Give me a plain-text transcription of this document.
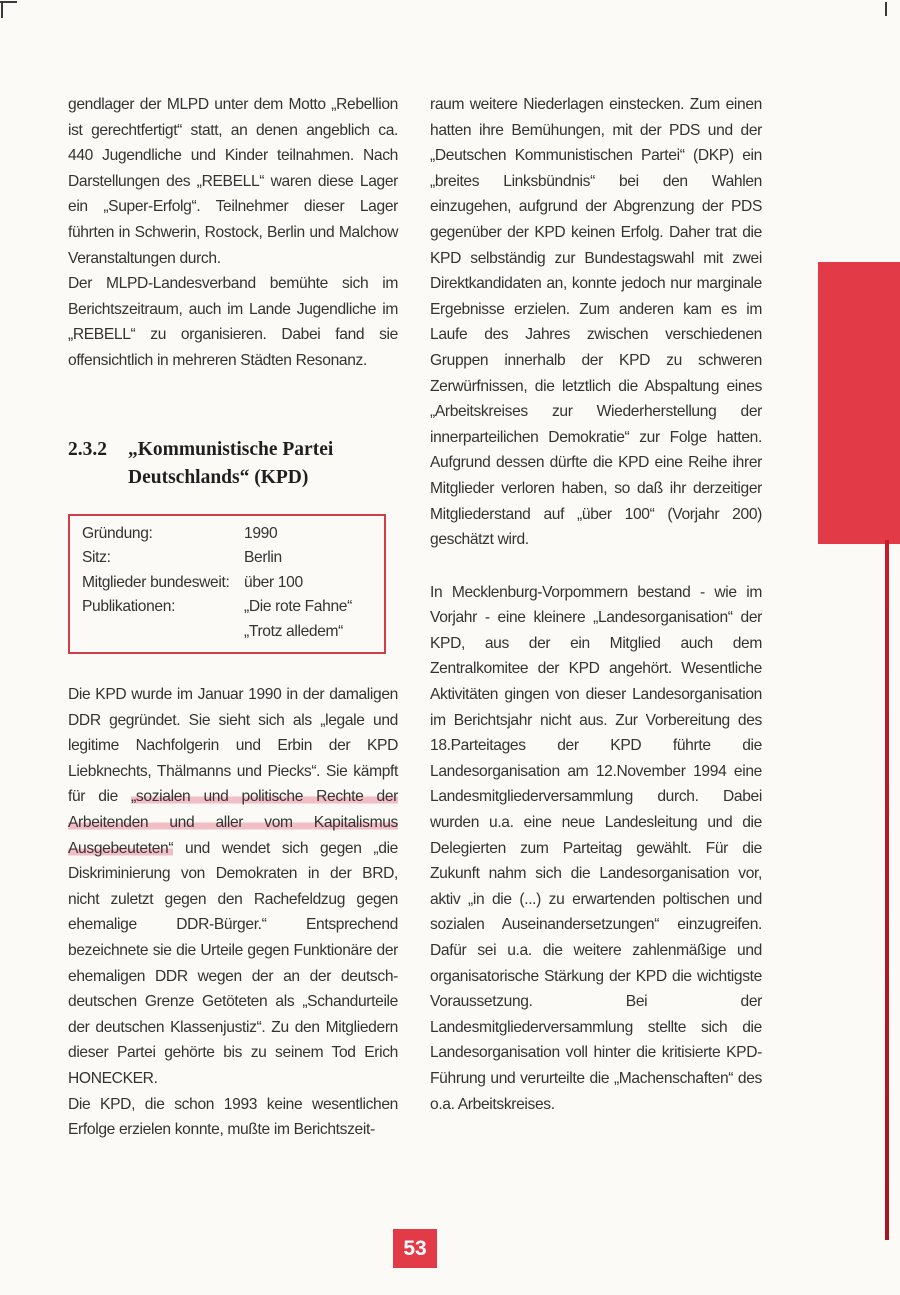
gendlager der MLPD unter dem Motto „Rebellion ist gerechtfertigt“ statt, an denen angeblich ca. 440 Jugendliche und Kinder teilnahmen. Nach Darstellungen des „REBELL“ waren diese Lager ein „Super-Erfolg“. Teilnehmer dieser Lager führten in Schwerin, Rostock, Berlin und Malchow Veranstaltungen durch.

Der MLPD-Landesverband bemühte sich im Berichtszeitraum, auch im Lande Jugendliche im „REBELL“ zu organisieren. Dabei fand sie offensichtlich in mehreren Städten Resonanz.

2.3.2 „Kommunistische Partei
Deutschlands“ (KPD)
Gründung:	1990
Sitz:	Berlin
Mitglieder bundesweit: über 100
Publikationen:	„Die rote Fahne“
„Trotz alledem“

Die KPD wurde im Januar 1990 in der damaligen DDR gegründet. Sie sieht sich als „legale und legitime Nachfolgerin und Erbin der KPD Liebknechts, Thälmanns und Piecks“. Sie kämpft für die „sozialen und politische Rechte der Arbeitenden und aller vom Kapitalismus Ausgebeuteten“ und wendet sich gegen „die Diskriminierung von Demokraten in der BRD, nicht zuletzt gegen den Rachefeldzug gegen ehemalige DDR-Bürger.“ Entsprechend bezeichnete sie die Urteile gegen Funktionäre der ehemaligen DDR wegen der an der deutsch-deutschen Grenze Getöteten als „Schandurteile der deutschen Klassenjustiz“. Zu den Mitgliedern dieser Partei gehörte bis zu seinem Tod Erich HONECKER.

Die KPD, die schon 1993 keine wesentlichen Erfolge erzielen konnte, mußte im Berichtszeit-

raum weitere Niederlagen einstecken. Zum einen hatten ihre Bemühungen, mit der PDS und der „Deutschen Kommunistischen Partei“ (DKP) ein „breites Linksbündnis“ bei den Wahlen einzugehen, aufgrund der Abgrenzung der PDS gegenüber der KPD keinen Erfolg. Daher trat die KPD selbständig zur Bundestagswahl mit zwei Direktkandidaten an, konnte jedoch nur marginale Ergebnisse erzielen. Zum anderen kam es im Laufe des Jahres zwischen verschiedenen Gruppen innerhalb der KPD zu schweren Zerwürfnissen, die letztlich die Abspaltung eines „Arbeitskreises zur Wiederherstellung der innerparteilichen Demokratie“ zur Folge hatten. Aufgrund dessen dürfte die KPD eine Reihe ihrer Mitglieder verloren haben, so daß ihr derzeitiger Mitgliederstand auf „über 100“ (Vorjahr 200) geschätzt wird.

In Mecklenburg-Vorpommern bestand - wie im Vorjahr - eine kleinere „Landesorganisation“ der KPD, aus der ein Mitglied auch dem Zentralkomitee der KPD angehört. Wesentliche Aktivitäten gingen von dieser Landesorganisation im Berichtsjahr nicht aus. Zur Vorbereitung des 18.Parteitages der KPD führte die Landesorganisation am 12.November 1994 eine Landesmitgliederversammlung durch. Dabei wurden u.a. eine neue Landesleitung und die Delegierten zum Parteitag gewählt. Für die Zukunft nahm sich die Landesorganisation vor, aktiv „in die (...) zu erwartenden poltischen und sozialen Auseinandersetzungen“ einzugreifen. Dafür sei u.a. die weitere zahlenmäßige und organisatorische Stärkung der KPD die wichtigste Voraussetzung. Bei der Landesmitgliederversammlung stellte sich die Landesorganisation voll hinter die kritisierte KPD-Führung und verurteilte die „Machenschaften“ des o.a. Arbeitskreises.

53
